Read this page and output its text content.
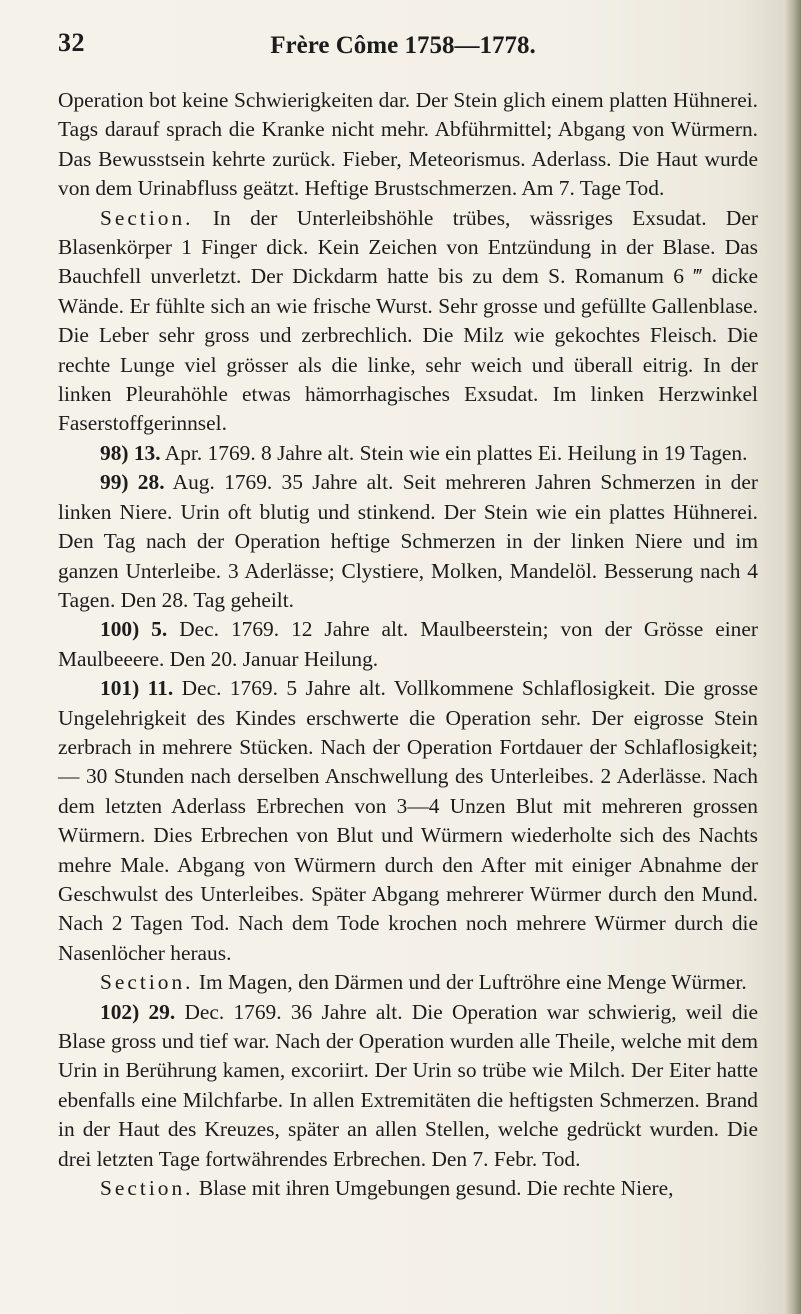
32	Frère Côme 1758—1778.

Operation bot keine Schwierigkeiten dar. Der Stein glich einem platten Hühnerei. Tags darauf sprach die Kranke nicht mehr. Abführmittel; Abgang von Würmern. Das Bewusstsein kehrte zurück. Fieber, Meteorismus. Aderlass. Die Haut wurde von dem Urinabfluss geätzt. Heftige Brustschmerzen. Am 7. Tage Tod.

Section. In der Unterleibshöhle trübes, wässriges Exsudat. Der Blasenkörper 1 Finger dick. Kein Zeichen von Entzündung in der Blase. Das Bauchfell unverletzt. Der Dickdarm hatte bis zu dem S. Romanum 6 ‴ dicke Wände. Er fühlte sich an wie frische Wurst. Sehr grosse und gefüllte Gallenblase. Die Leber sehr gross und zerbrechlich. Die Milz wie gekochtes Fleisch. Die rechte Lunge viel grösser als die linke, sehr weich und überall eitrig. In der linken Pleurahöhle etwas hämorrhagisches Exsudat. Im linken Herzwinkel Faserstoffgerinnsel.

98) 13. Apr. 1769. 8 Jahre alt. Stein wie ein plattes Ei. Heilung in 19 Tagen.

99) 28. Aug. 1769. 35 Jahre alt. Seit mehreren Jahren Schmerzen in der linken Niere. Urin oft blutig und stinkend. Der Stein wie ein plattes Hühnerei. Den Tag nach der Operation heftige Schmerzen in der linken Niere und im ganzen Unterleibe. 3 Aderlässe; Clystiere, Molken, Mandelöl. Besserung nach 4 Tagen. Den 28. Tag geheilt.

100) 5. Dec. 1769. 12 Jahre alt. Maulbeerstein; von der Grösse einer Maulbeeere. Den 20. Januar Heilung.

101) 11. Dec. 1769. 5 Jahre alt. Vollkommene Schlaflosigkeit. Die grosse Ungelehrigkeit des Kindes erschwerte die Operation sehr. Der eigrosse Stein zerbrach in mehrere Stücken. Nach der Operation Fortdauer der Schlaflosigkeit; — 30 Stunden nach derselben Anschwellung des Unterleibes. 2 Aderlässe. Nach dem letzten Aderlass Erbrechen von 3—4 Unzen Blut mit mehreren grossen Würmern. Dies Erbrechen von Blut und Würmern wiederholte sich des Nachts mehre Male. Abgang von Würmern durch den After mit einiger Abnahme der Geschwulst des Unterleibes. Später Abgang mehrerer Würmer durch den Mund. Nach 2 Tagen Tod. Nach dem Tode krochen noch mehrere Würmer durch die Nasenlöcher heraus.

Section. Im Magen, den Därmen und der Luftröhre eine Menge Würmer.

102) 29. Dec. 1769. 36 Jahre alt. Die Operation war schwierig, weil die Blase gross und tief war. Nach der Operation wurden alle Theile, welche mit dem Urin in Berührung kamen, excoriirt. Der Urin so trübe wie Milch. Der Eiter hatte ebenfalls eine Milchfarbe. In allen Extremitäten die heftigsten Schmerzen. Brand in der Haut des Kreuzes, später an allen Stellen, welche gedrückt wurden. Die drei letzten Tage fortwährendes Erbrechen. Den 7. Febr. Tod.

Section. Blase mit ihren Umgebungen gesund. Die rechte Niere,
